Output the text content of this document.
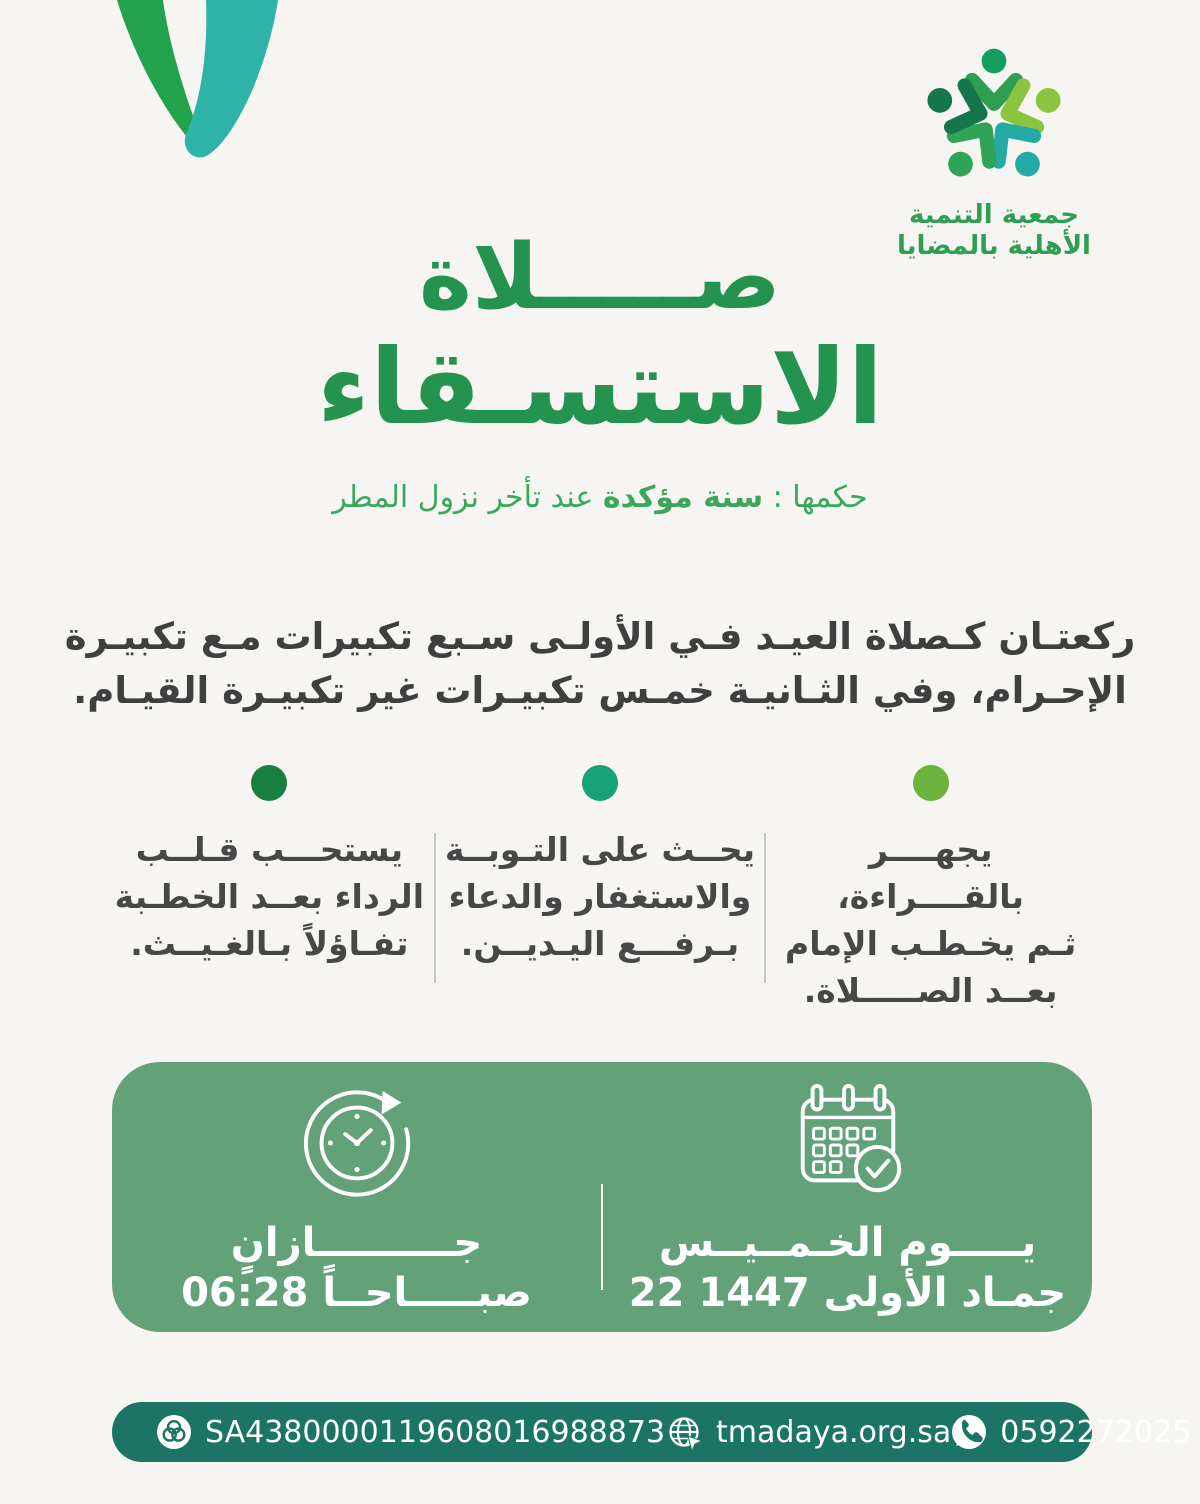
جمعية التنمية
الأهلية بالمضايا
صـــــلاة
الاستسـقاء
حكمها : سنة مؤكدة عند تأخر نزول المطر
ركعتـان كـصلاة العيـد فـي الأولـى سـبع تكبيرات مـع تكبيـرة
الإحـرام، وفي الثـانيـة خمـس تكبيـرات غير تكبيـرة القيـام.
يجهــــر بالقــــراءة،
ثـم يخـطـب الإمام
بعــد الصـــــلاة.
يحــث على التـوبــة
والاستغفار والدعاء
بـرفـــع اليـديــن.
يستحـــب قـلــب
الرداء بعــد الخطـبة
تفـاؤلاً بـالغـيــث.
يـــــوم الخـمــيــس
22 جمـاد الأولى 1447
جــــــــــازانٍ
06:28 صبـــــاحــاً
SA4380000119608016988873 tmadaya.org.sa 0592272025
